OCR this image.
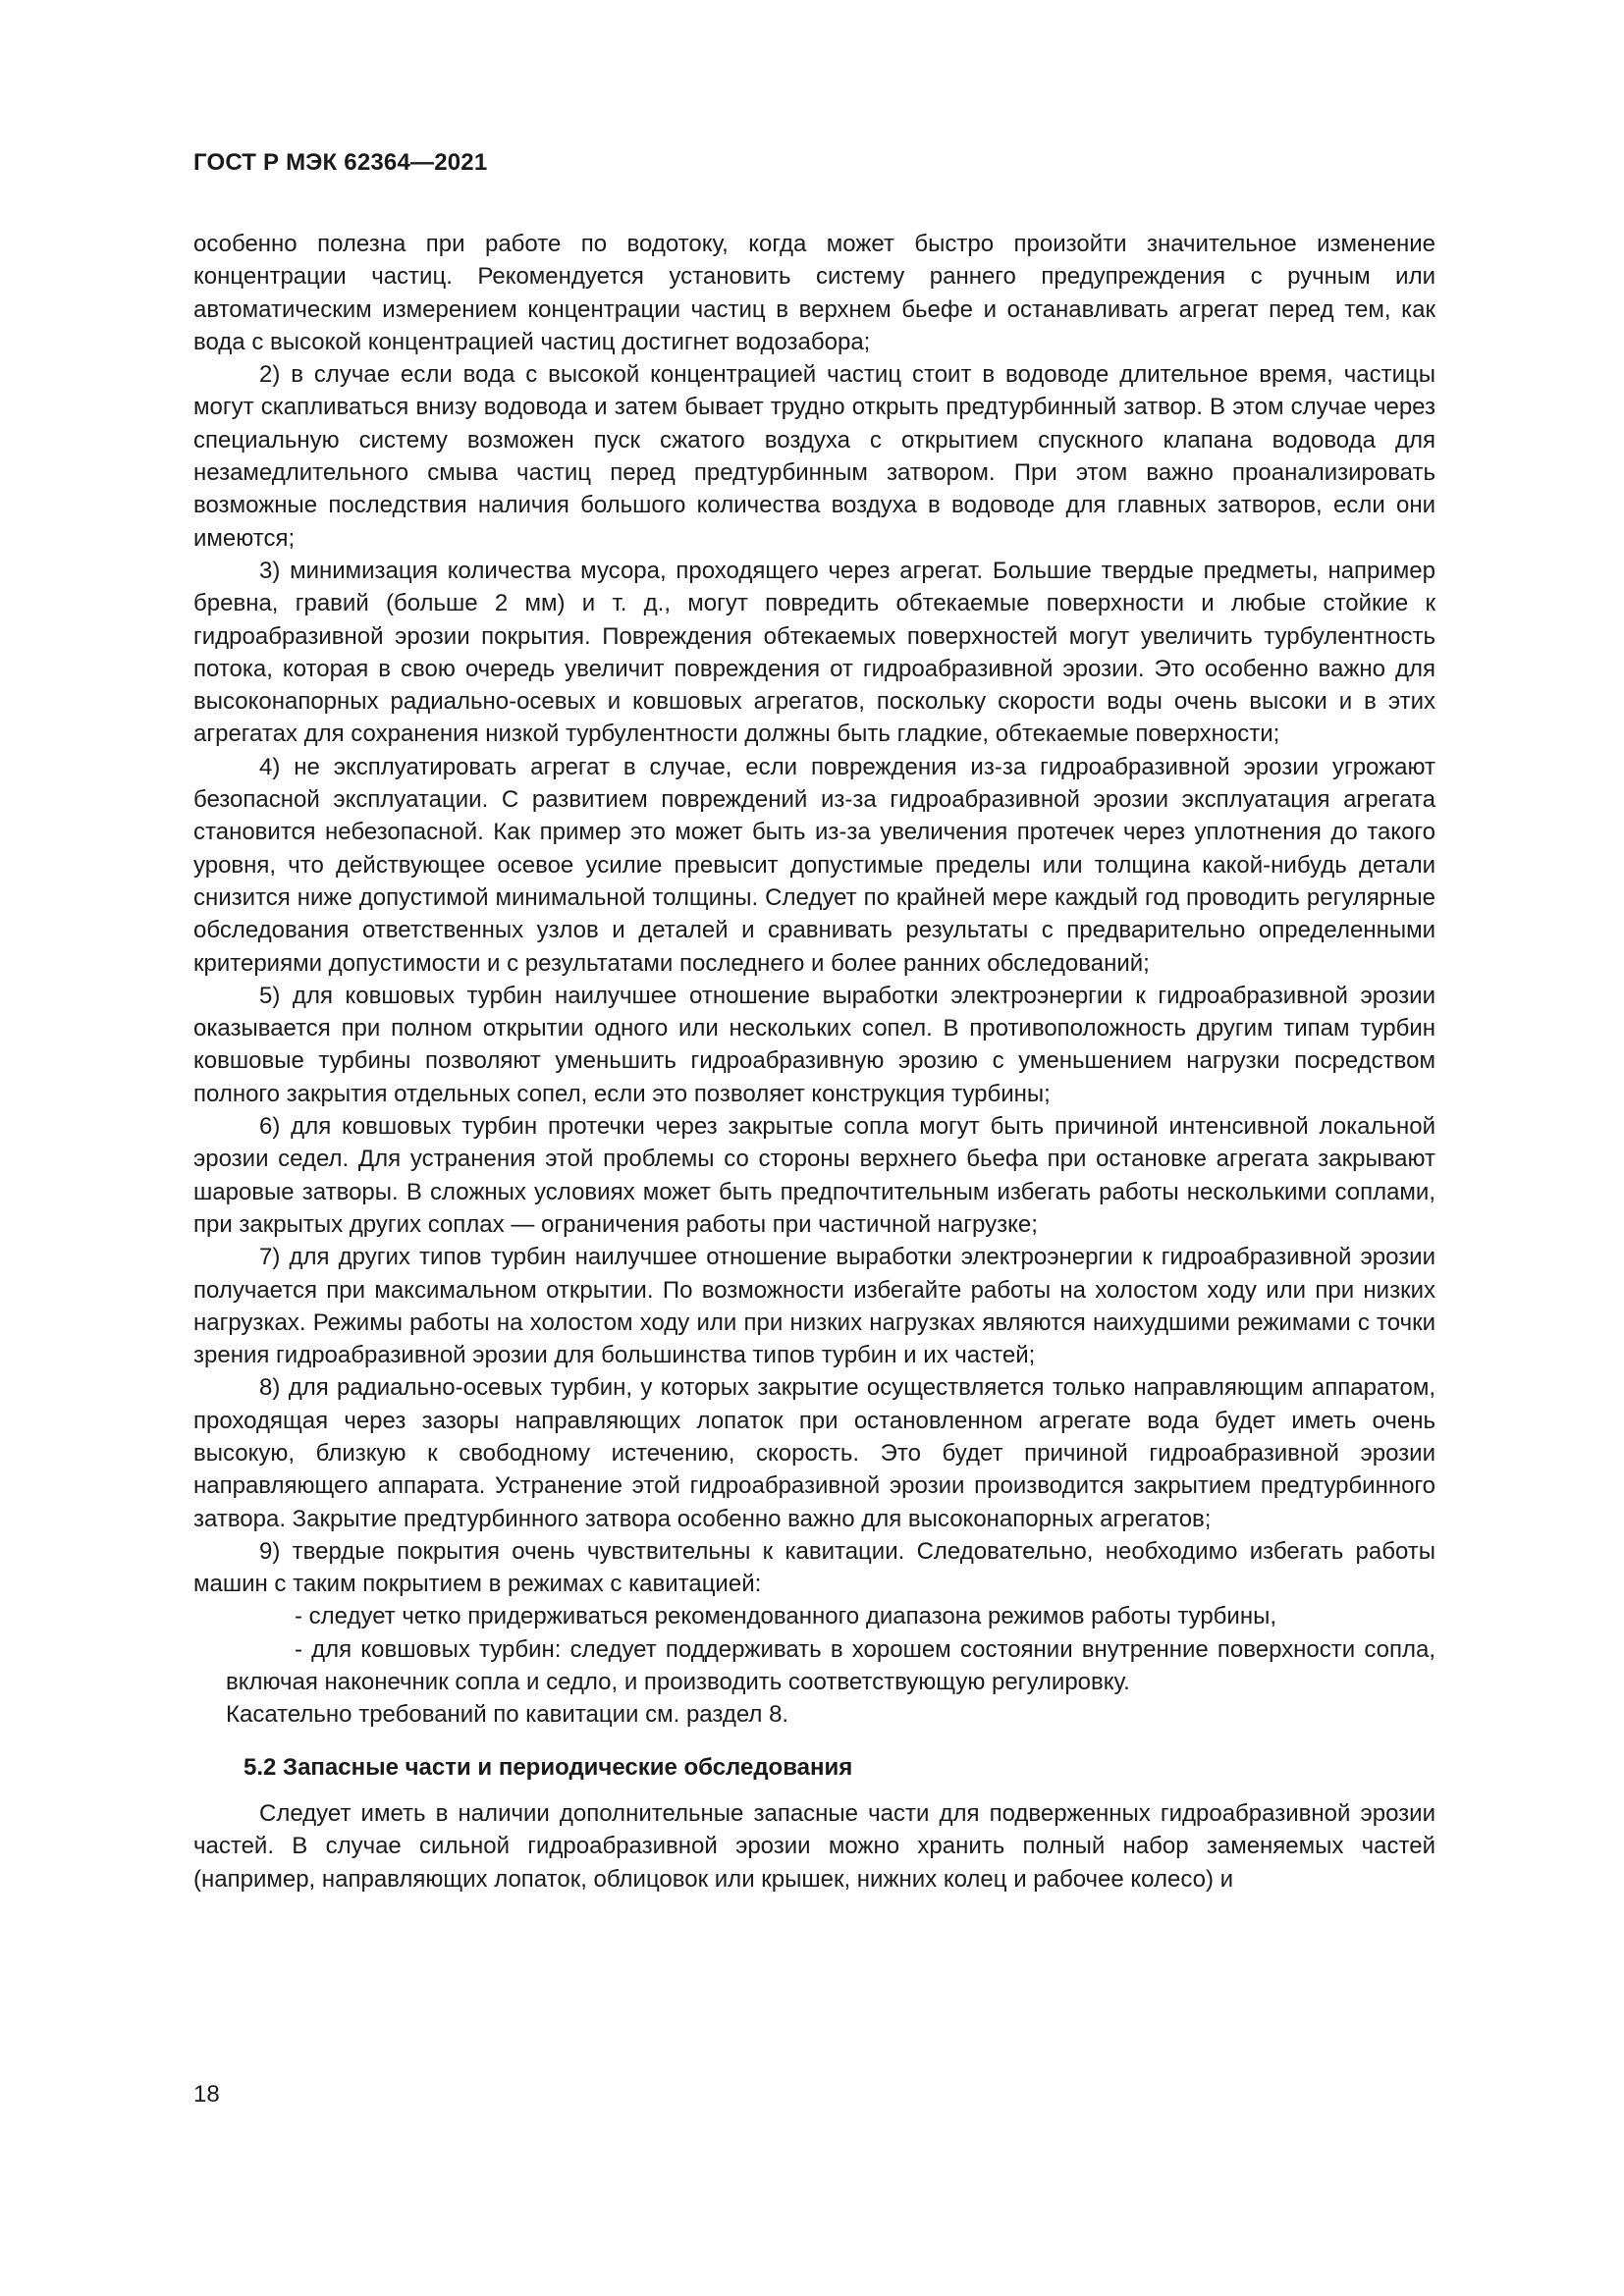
ГОСТ Р МЭК 62364—2021

особенно полезна при работе по водотоку, когда может быстро произойти значительное изменение концентрации частиц. Рекомендуется установить систему раннего предупреждения с ручным или автоматическим измерением концентрации частиц в верхнем бьефе и останавливать агрегат перед тем, как вода с высокой концентрацией частиц достигнет водозабора;

2) в случае если вода с высокой концентрацией частиц стоит в водоводе длительное время, частицы могут скапливаться внизу водовода и затем бывает трудно открыть предтурбинный затвор. В этом случае через специальную систему возможен пуск сжатого воздуха с открытием спускного клапана водовода для незамедлительного смыва частиц перед предтурбинным затвором. При этом важно проанализировать возможные последствия наличия большого количества воздуха в водоводе для главных затворов, если они имеются;

3) минимизация количества мусора, проходящего через агрегат. Большие твердые предметы, например бревна, гравий (больше 2 мм) и т. д., могут повредить обтекаемые поверхности и любые стойкие к гидроабразивной эрозии покрытия. Повреждения обтекаемых поверхностей могут увеличить турбулентность потока, которая в свою очередь увеличит повреждения от гидроабразивной эрозии. Это особенно важно для высоконапорных радиально-осевых и ковшовых агрегатов, поскольку скорости воды очень высоки и в этих агрегатах для сохранения низкой турбулентности должны быть гладкие, обтекаемые поверхности;

4) не эксплуатировать агрегат в случае, если повреждения из-за гидроабразивной эрозии угрожают безопасной эксплуатации. С развитием повреждений из-за гидроабразивной эрозии эксплуатация агрегата становится небезопасной. Как пример это может быть из-за увеличения протечек через уплотнения до такого уровня, что действующее осевое усилие превысит допустимые пределы или толщина какой-нибудь детали снизится ниже допустимой минимальной толщины. Следует по крайней мере каждый год проводить регулярные обследования ответственных узлов и деталей и сравнивать результаты с предварительно определенными критериями допустимости и с результатами последнего и более ранних обследований;

5) для ковшовых турбин наилучшее отношение выработки электроэнергии к гидроабразивной эрозии оказывается при полном открытии одного или нескольких сопел. В противоположность другим типам турбин ковшовые турбины позволяют уменьшить гидроабразивную эрозию с уменьшением нагрузки посредством полного закрытия отдельных сопел, если это позволяет конструкция турбины;

6) для ковшовых турбин протечки через закрытые сопла могут быть причиной интенсивной локальной эрозии седел. Для устранения этой проблемы со стороны верхнего бьефа при остановке агрегата закрывают шаровые затворы. В сложных условиях может быть предпочтительным избегать работы несколькими соплами, при закрытых других соплах — ограничения работы при частичной нагрузке;

7) для других типов турбин наилучшее отношение выработки электроэнергии к гидроабразивной эрозии получается при максимальном открытии. По возможности избегайте работы на холостом ходу или при низких нагрузках. Режимы работы на холостом ходу или при низких нагрузках являются наихудшими режимами с точки зрения гидроабразивной эрозии для большинства типов турбин и их частей;

8) для радиально-осевых турбин, у которых закрытие осуществляется только направляющим аппаратом, проходящая через зазоры направляющих лопаток при остановленном агрегате вода будет иметь очень высокую, близкую к свободному истечению, скорость. Это будет причиной гидроабразивной эрозии направляющего аппарата. Устранение этой гидроабразивной эрозии производится закрытием предтурбинного затвора. Закрытие предтурбинного затвора особенно важно для высоконапорных агрегатов;

9) твердые покрытия очень чувствительны к кавитации. Следовательно, необходимо избегать работы машин с таким покрытием в режимах с кавитацией:

- следует четко придерживаться рекомендованного диапазона режимов работы турбины,

- для ковшовых турбин: следует поддерживать в хорошем состоянии внутренние поверхности сопла, включая наконечник сопла и седло, и производить соответствующую регулировку.

Касательно требований по кавитации см. раздел 8.

5.2 Запасные части и периодические обследования

Следует иметь в наличии дополнительные запасные части для подверженных гидроабразивной эрозии частей. В случае сильной гидроабразивной эрозии можно хранить полный набор заменяемых частей (например, направляющих лопаток, облицовок или крышек, нижних колец и рабочее колесо) и

18
